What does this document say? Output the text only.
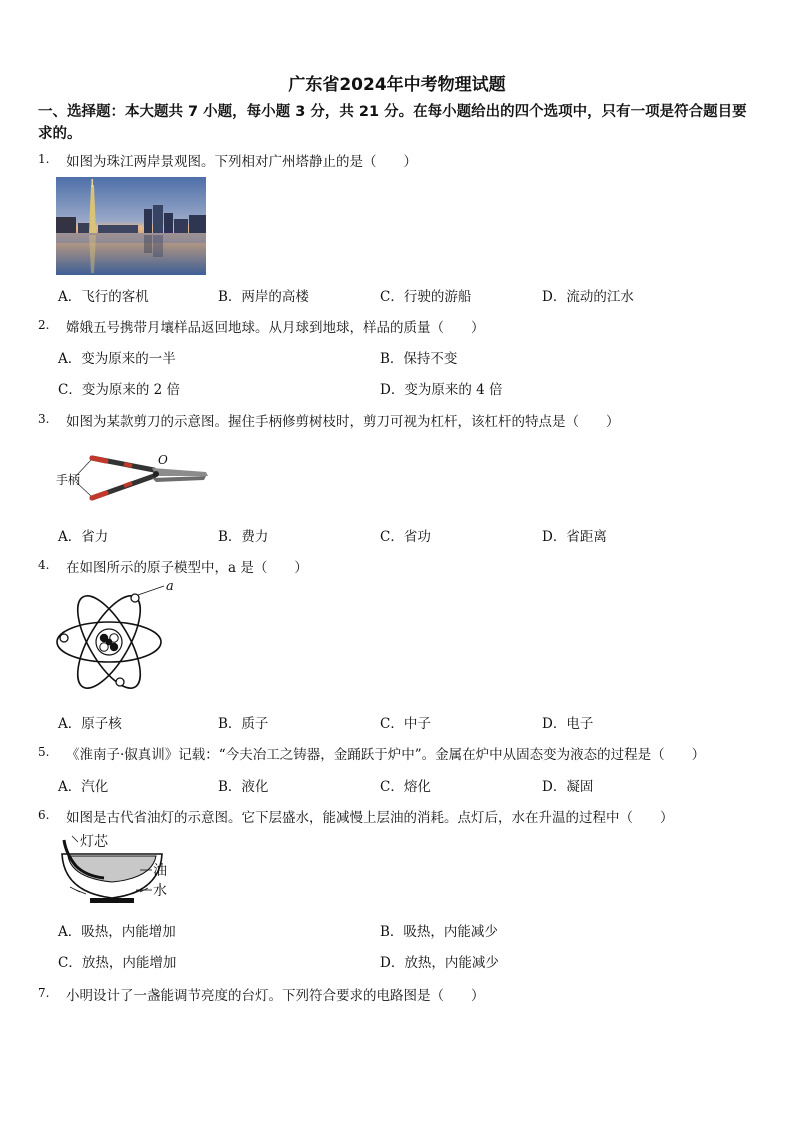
广东省2024年中考物理试题
一、选择题：本大题共 7 小题，每小题 3 分，共 21 分。在每小题给出的四个选项中，只有一项是符合题目要求的。
1. 如图为珠江两岸景观图。下列相对广州塔静止的是（　　）
A．飞行的客机	B．两岸的高楼	C．行驶的游船	D．流动的江水
2. 嫦娥五号携带月壤样品返回地球。从月球到地球，样品的质量（　　）
A．变为原来的一半	B．保持不变
C．变为原来的 2 倍	D．变为原来的 4 倍
3. 如图为某款剪刀的示意图。握住手柄修剪树枝时，剪刀可视为杠杆，该杠杆的特点是（　　）
手柄
O
A．省力	B．费力	C．省功	D．省距离
4. 在如图所示的原子模型中，a 是（　　）
a
A．原子核	B．质子	C．中子	D．电子
5. 《淮南子·俶真训》记载：“今夫冶工之铸器，金踊跃于炉中”。金属在炉中从固态变为液态的过程是（　　）
A．汽化	B．液化	C．熔化	D．凝固
6. 如图是古代省油灯的示意图。它下层盛水，能减慢上层油的消耗。点灯后，水在升温的过程中（　　）
灯芯
油
水
A．吸热，内能增加	B．吸热，内能减少
C．放热，内能增加	D．放热，内能减少
7. 小明设计了一盏能调节亮度的台灯。下列符合要求的电路图是（　　）
